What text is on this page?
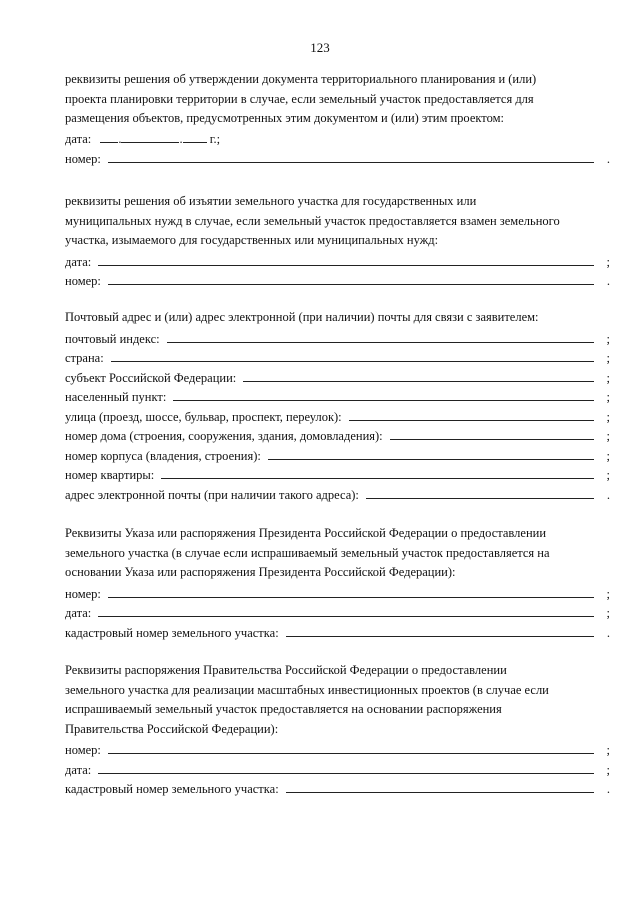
123
реквизиты решения об утверждении документа территориального планирования и (или)
проекта планировки территории в случае, если земельный участок предоставляется для
размещения объектов, предусмотренных этим документом и (или) этим проектом:
дата: .	. г.;
номер:	.
реквизиты решения об изъятии земельного участка для государственных или
муниципальных нужд в случае, если земельный участок предоставляется взамен земельного
участка, изымаемого для государственных или муниципальных нужд:
дата:	;
номер:	.
Почтовый адрес и (или) адрес электронной (при наличии) почты для связи с заявителем:
почтовый индекс:	;
страна:	;
субъект Российской Федерации:	;
населенный пункт:	;
улица (проезд, шоссе, бульвар, проспект, переулок):	;
номер дома (строения, сооружения, здания, домовладения):	;
номер корпуса (владения, строения):	;
номер квартиры:	;
адрес электронной почты (при наличии такого адреса):	.
Реквизиты Указа или распоряжения Президента Российской Федерации о предоставлении
земельного участка (в случае если испрашиваемый земельный участок предоставляется на
основании Указа или распоряжения Президента Российской Федерации):
номер:	;
дата:	;
кадастровый номер земельного участка:	.
Реквизиты распоряжения Правительства Российской Федерации о предоставлении
земельного участка для реализации масштабных инвестиционных проектов (в случае если
испрашиваемый земельный участок предоставляется на основании распоряжения
Правительства Российской Федерации):
номер:	;
дата:	;
кадастровый номер земельного участка:	.
